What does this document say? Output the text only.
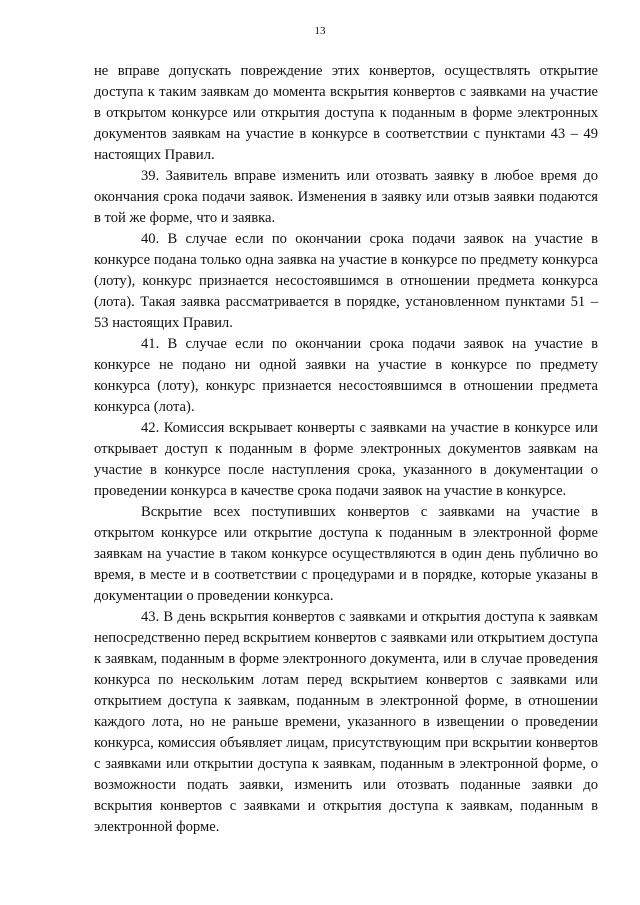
13

не вправе допускать повреждение этих конвертов, осуществлять открытие доступа к таким заявкам до момента вскрытия конвертов с заявками на участие в открытом конкурсе или открытия доступа к поданным в форме электронных документов заявкам на участие в конкурсе в соответствии с пунктами 43 – 49 настоящих Правил.

39. Заявитель вправе изменить или отозвать заявку в любое время до окончания срока подачи заявок. Изменения в заявку или отзыв заявки подаются в той же форме, что и заявка.

40. В случае если по окончании срока подачи заявок на участие в конкурсе подана только одна заявка на участие в конкурсе по предмету конкурса (лоту), конкурс признается несостоявшимся в отношении предмета конкурса (лота). Такая заявка рассматривается в порядке, установленном пунктами 51 – 53 настоящих Правил.

41. В случае если по окончании срока подачи заявок на участие в конкурсе не подано ни одной заявки на участие в конкурсе по предмету конкурса (лоту), конкурс признается несостоявшимся в отношении предмета конкурса (лота).

42. Комиссия вскрывает конверты с заявками на участие в конкурсе или открывает доступ к поданным в форме электронных документов заявкам на участие в конкурсе после наступления срока, указанного в документации о проведении конкурса в качестве срока подачи заявок на участие в конкурсе.

Вскрытие всех поступивших конвертов с заявками на участие в открытом конкурсе или открытие доступа к поданным в электронной форме заявкам на участие в таком конкурсе осуществляются в один день публично во время, в месте и в соответствии с процедурами и в порядке, которые указаны в документации о проведении конкурса.

43. В день вскрытия конвертов с заявками и открытия доступа к заявкам непосредственно перед вскрытием конвертов с заявками или открытием доступа к заявкам, поданным в форме электронного документа, или в случае проведения конкурса по нескольким лотам перед вскрытием конвертов с заявками или открытием доступа к заявкам, поданным в электронной форме, в отношении каждого лота, но не раньше времени, указанного в извещении о проведении конкурса, комиссия объявляет лицам, присутствующим при вскрытии конвертов с заявками или открытии доступа к заявкам, поданным в электронной форме, о возможности подать заявки, изменить или отозвать поданные заявки до вскрытия конвертов с заявками и открытия доступа к заявкам, поданным в электронной форме.
